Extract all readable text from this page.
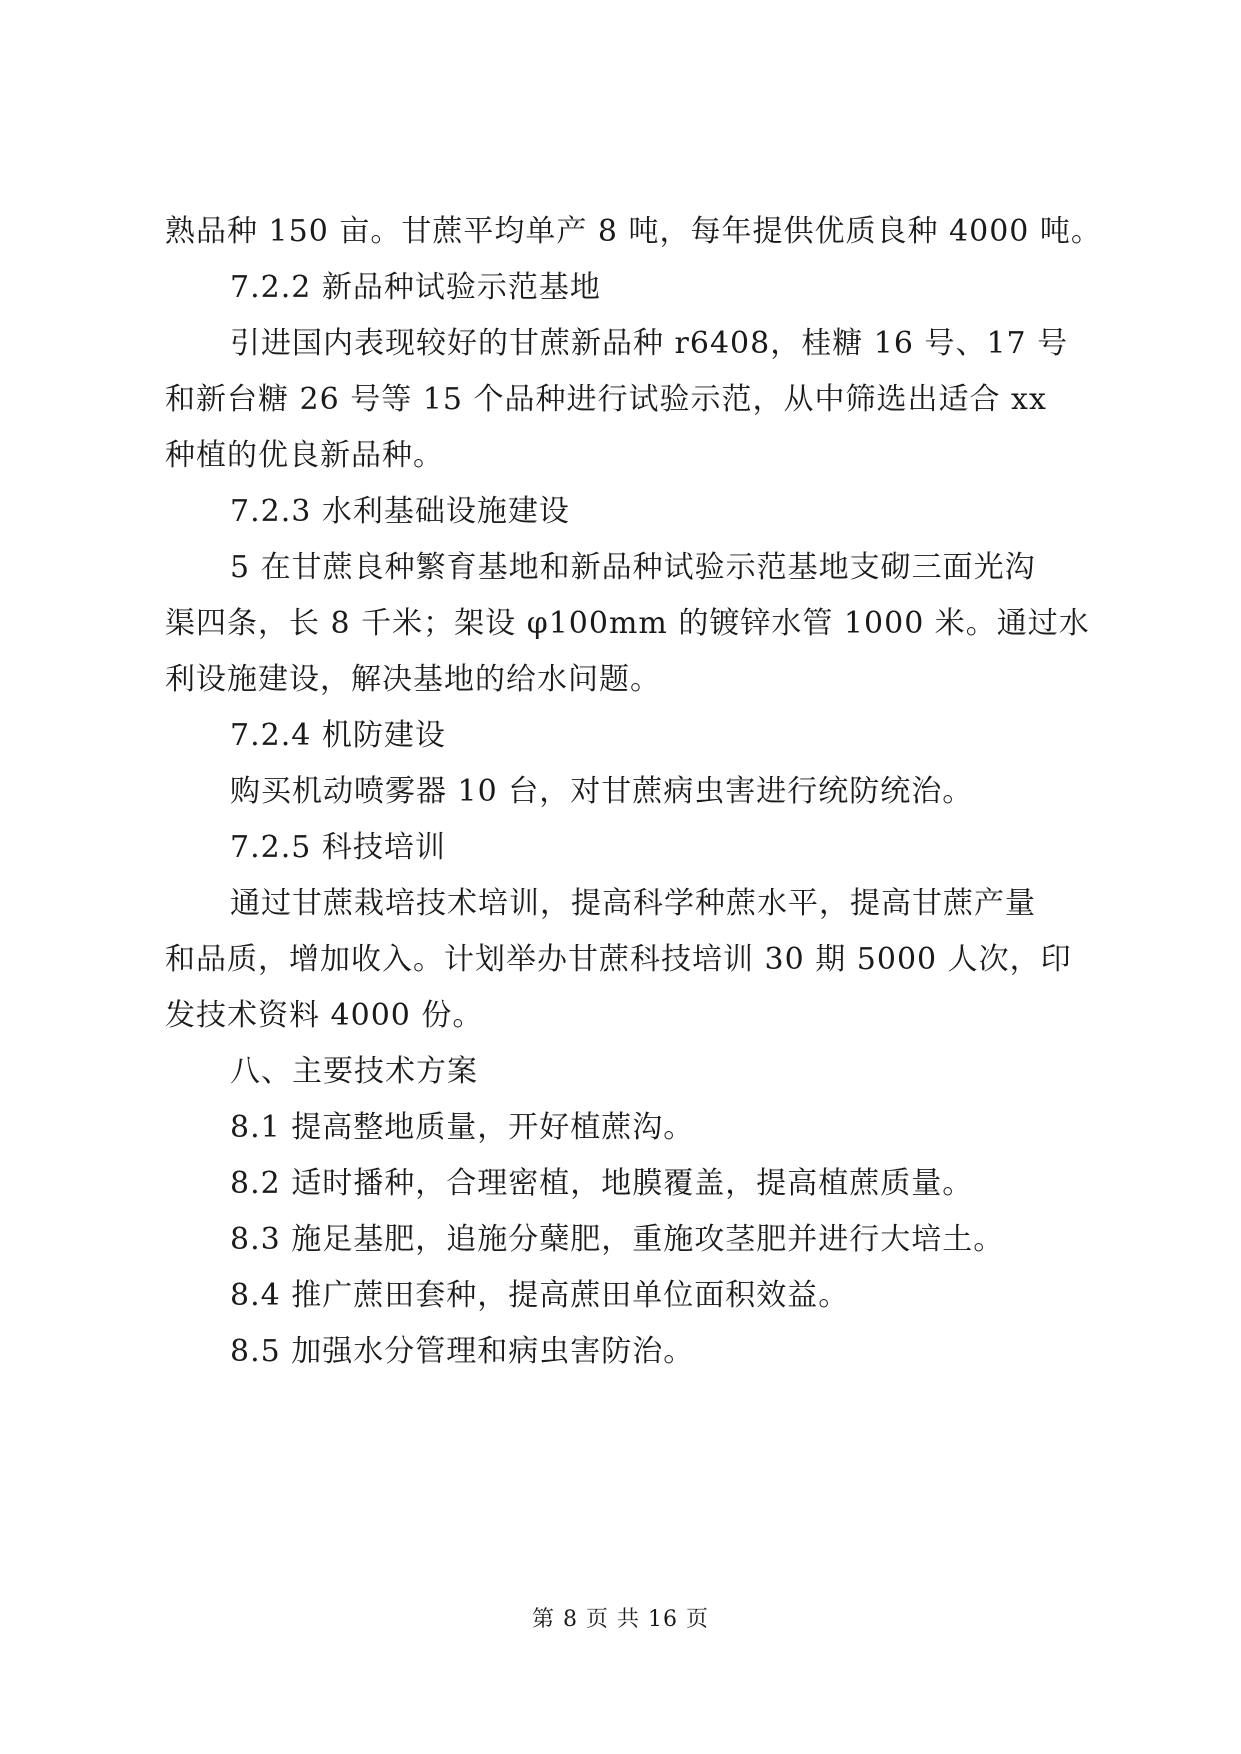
熟品种 150 亩。甘蔗平均单产 8 吨，每年提供优质良种 4000 吨。
7.2.2 新品种试验示范基地
引进国内表现较好的甘蔗新品种 r6408，桂糖 16 号、17 号
和新台糖 26 号等 15 个品种进行试验示范，从中筛选出适合 xx
种植的优良新品种。
7.2.3 水利基础设施建设
5 在甘蔗良种繁育基地和新品种试验示范基地支砌三面光沟
渠四条，长 8 千米；架设 φ100mm 的镀锌水管 1000 米。通过水
利设施建设，解决基地的给水问题。
7.2.4 机防建设
购买机动喷雾器 10 台，对甘蔗病虫害进行统防统治。
7.2.5 科技培训
通过甘蔗栽培技术培训，提高科学种蔗水平，提高甘蔗产量
和品质，增加收入。计划举办甘蔗科技培训 30 期 5000 人次，印
发技术资料 4000 份。
八、主要技术方案
8.1 提高整地质量，开好植蔗沟。
8.2 适时播种，合理密植，地膜覆盖，提高植蔗质量。
8.3 施足基肥，追施分蘖肥，重施攻茎肥并进行大培土。
8.4 推广蔗田套种，提高蔗田单位面积效益。
8.5 加强水分管理和病虫害防治。
第 8 页 共 16 页
